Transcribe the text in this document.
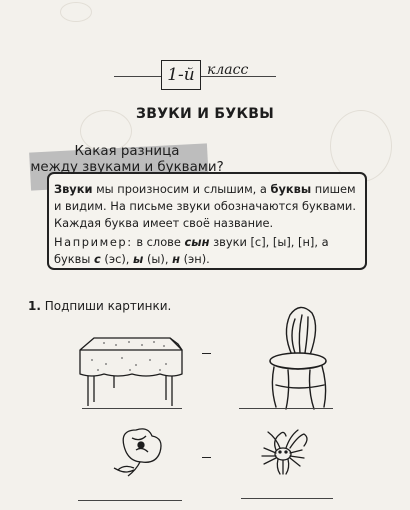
1-й класс
ЗВУКИ И БУКВЫ
Какая разница
между звуками и буквами?

Звуки мы произносим и слышим, а буквы пишем и видим. На письме звуки обозначаются буквами. Каждая буква имеет своё название.

Например: в слове сын звуки [с], [ы], [н], а буквы с (эс), ы (ы), н (эн).

1. Подпиши картинки.
